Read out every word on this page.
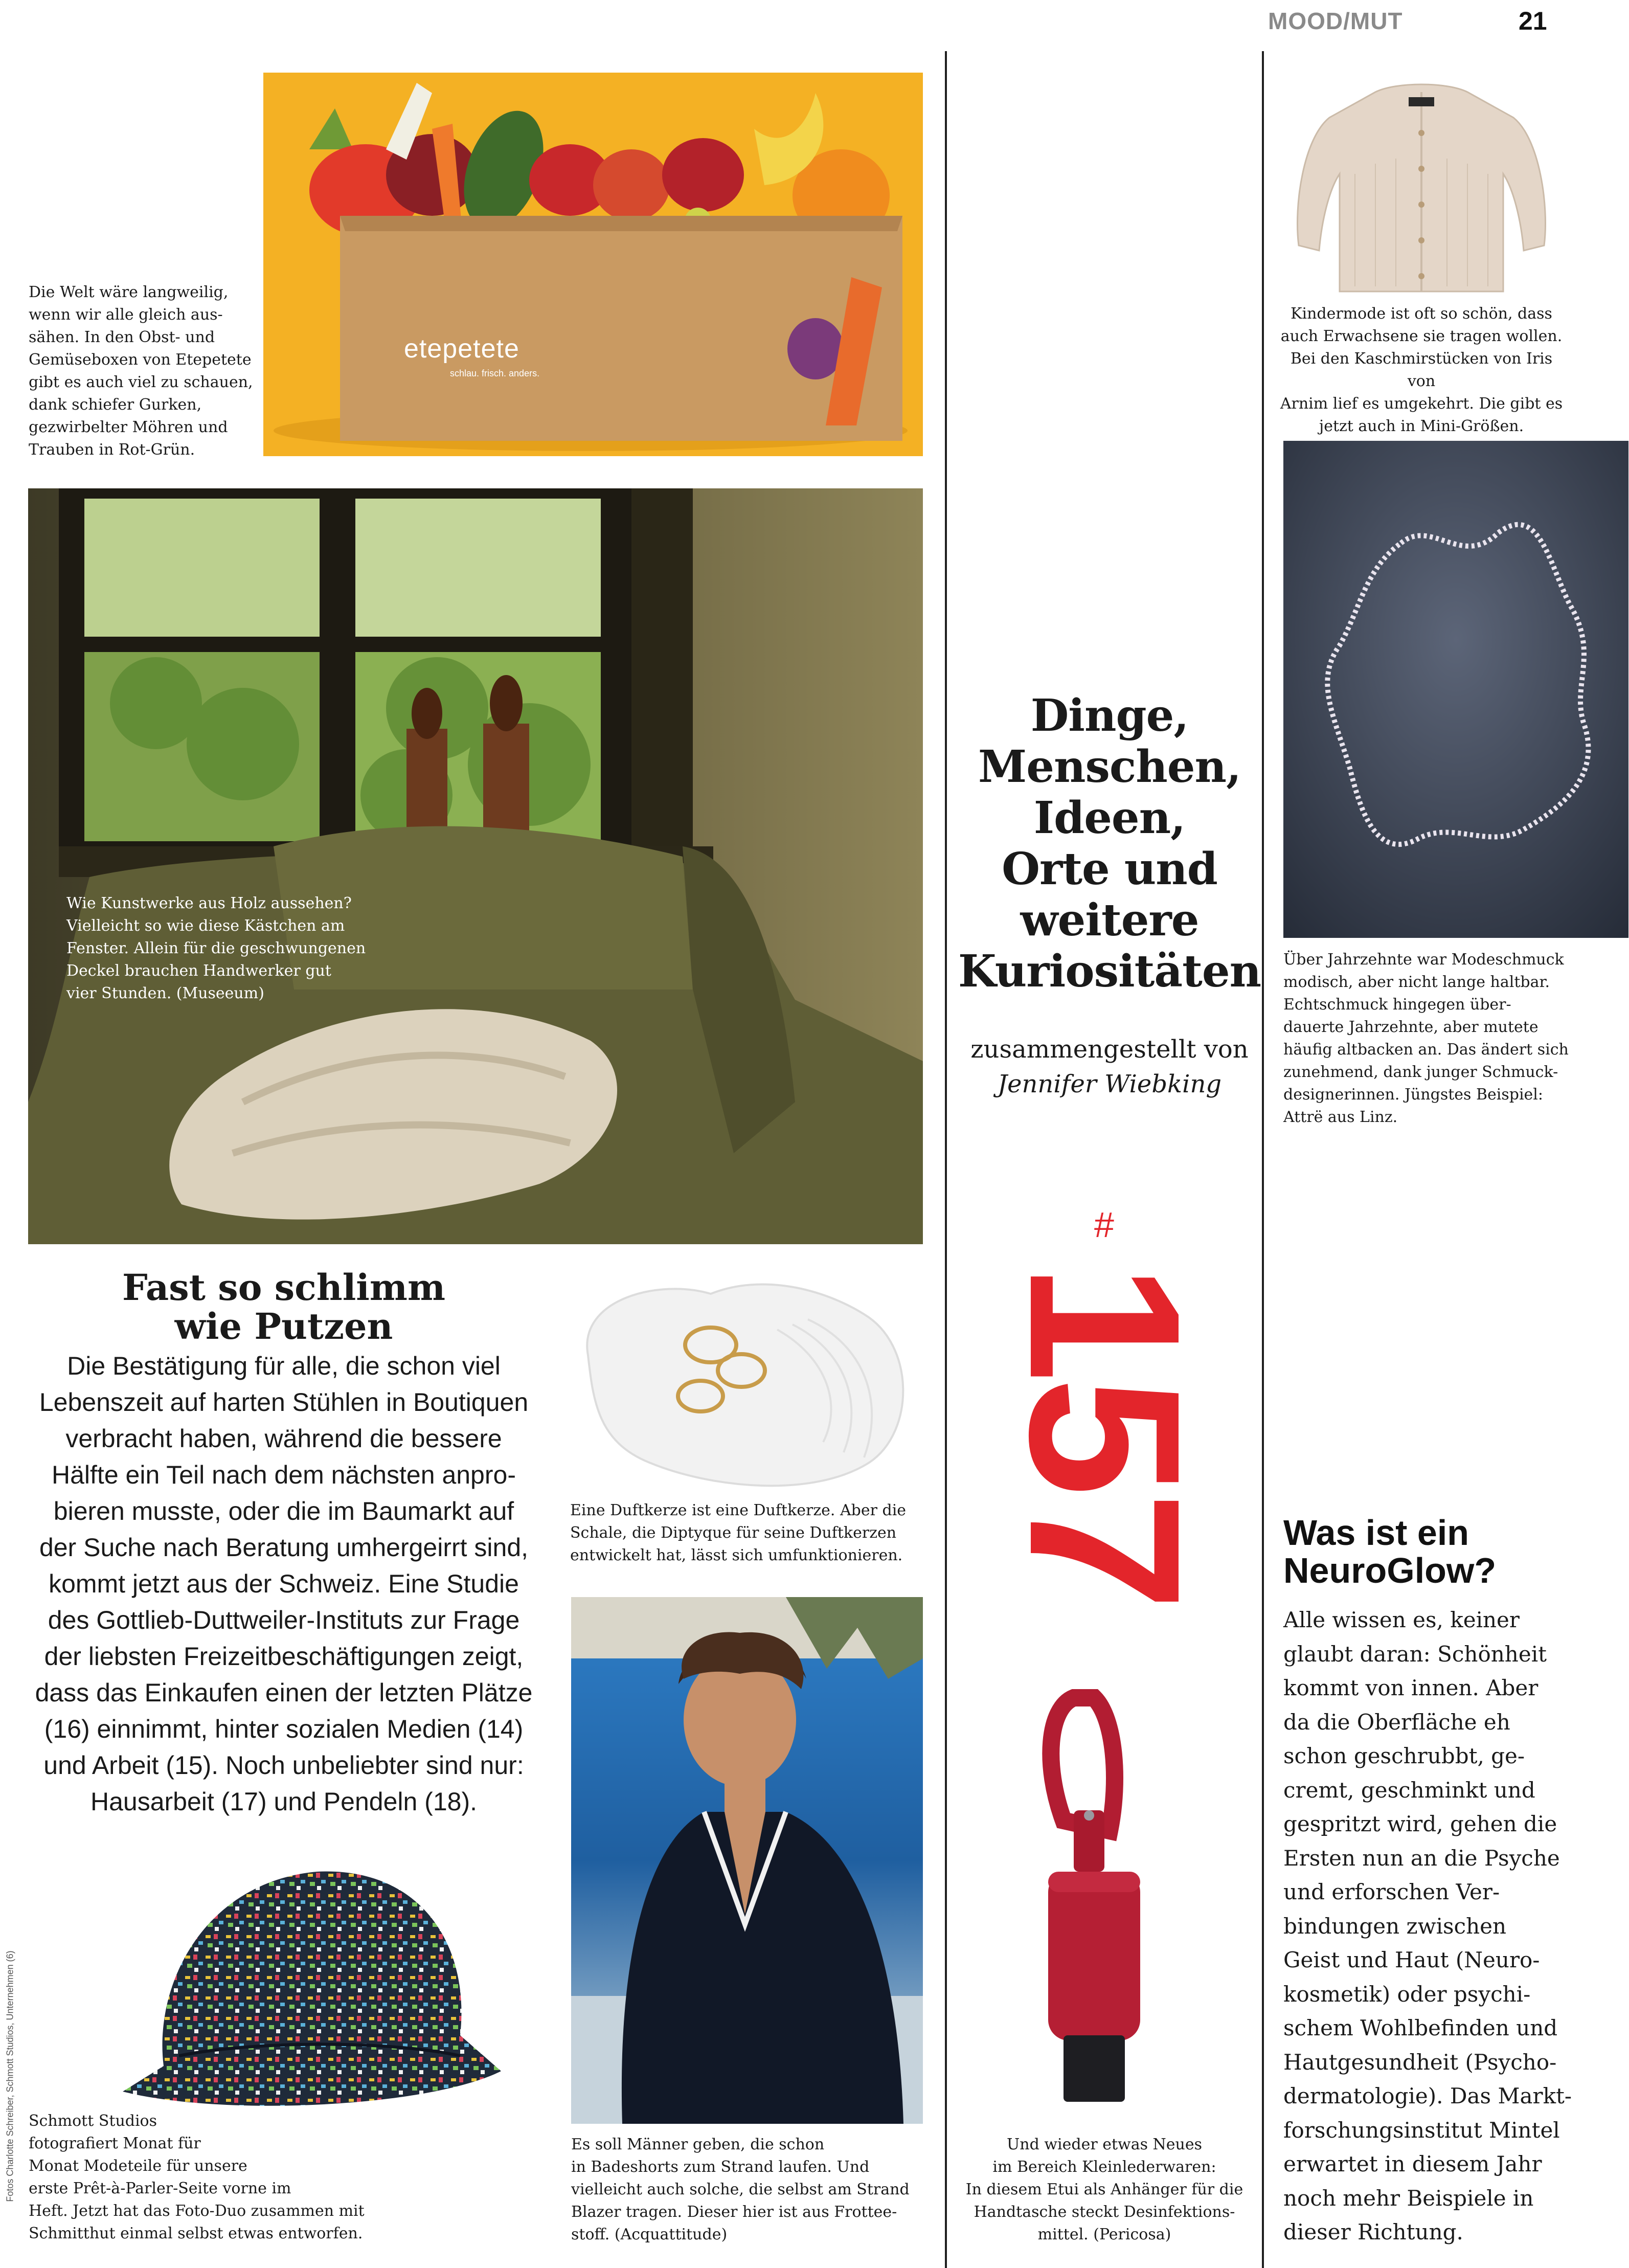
MOOD/MUT	21
etepetete
schlau. frisch. anders.

Die Welt wäre langweilig,
wenn wir alle gleich aus-
sähen. In den Obst- und
Gemüseboxen von Etepetete
gibt es auch viel zu schauen,
dank schiefer Gurken,
gezwirbelter Möhren und
Trauben in Rot-Grün.

Kindermode ist oft so schön, dass
auch Erwachsene sie tragen wollen.
Bei den Kaschmirstücken von Iris von
Arnim lief es umgekehrt. Die gibt es
jetzt auch in Mini-Größen.

Wie Kunstwerke aus Holz aussehen?
Vielleicht so wie diese Kästchen am
Fenster. Allein für die geschwungenen
Deckel brauchen Handwerker gut
vier Stunden. (Museeum)

Über Jahrzehnte war Modeschmuck
modisch, aber nicht lange haltbar.
Echtschmuck hingegen über-
dauerte Jahrzehnte, aber mutete
häufig altbacken an. Das ändert sich
zunehmend, dank junger Schmuck-
designerinnen. Jüngstes Beispiel:
Attrë aus Linz.

Dinge,
Menschen,
Ideen,
Orte und
weitere
Kuriositäten
zusammengestellt von
Jennifer Wiebking
#
157
Fast so schlimm
wie Putzen
Die Bestätigung für alle, die schon viel
Lebenszeit auf harten Stühlen in Boutiquen
verbracht haben, während die bessere
Hälfte ein Teil nach dem nächsten anpro-
bieren musste, oder die im Baumarkt auf
der Suche nach Beratung umhergeirrt sind,
kommt jetzt aus der Schweiz. Eine Studie
des Gottlieb-Duttweiler-Instituts zur Frage
der liebsten Freizeitbeschäftigungen zeigt,
dass das Einkaufen einen der letzten Plätze
(16) einnimmt, hinter sozialen Medien (14)
und Arbeit (15). Noch unbeliebter sind nur:
Hausarbeit (17) und Pendeln (18).

Eine Duftkerze ist eine Duftkerze. Aber die
Schale, die Diptyque für seine Duftkerzen
entwickelt hat, lässt sich umfunktionieren.

Es soll Männer geben, die schon
in Badeshorts zum Strand laufen. Und
vielleicht auch solche, die selbst am Strand
Blazer tragen. Dieser hier ist aus Frottee-
stoff. (Acquattitude)

Schmott Studios
fotografiert Monat für
Monat Modeteile für unsere
erste Prêt-à-Parler-Seite vorne im
Heft. Jetzt hat das Foto-Duo zusammen mit
Schmitthut einmal selbst etwas entworfen.

Und wieder etwas Neues
im Bereich Kleinlederwaren:
In diesem Etui als Anhänger für die
Handtasche steckt Desinfektions-
mittel. (Pericosa)

Was ist ein
NeuroGlow?
Alle wissen es, keiner
glaubt daran: Schönheit
kommt von innen. Aber
da die Oberfläche eh
schon geschrubbt, ge-
cremt, geschminkt und
gespritzt wird, gehen die
Ersten nun an die Psyche
und erforschen Ver-
bindungen zwischen
Geist und Haut (Neuro-
kosmetik) oder psychi-
schem Wohlbefinden und
Hautgesundheit (Psycho-
dermatologie). Das Markt-
forschungsinstitut Mintel
erwartet in diesem Jahr
noch mehr Beispiele in
dieser Richtung.
Fotos Charlotte Schreiber, Schmott Studios, Unternehmen (6)
